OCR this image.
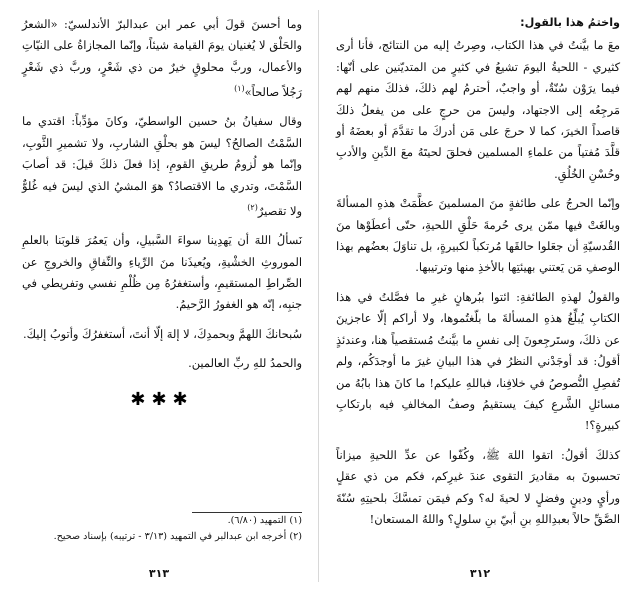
وما أحسنَ قولَ أبي عمر ابن عبدالبرّ الأندلسيّ: «الشعرُ والحَلْق لا يُغنيان يومَ القيامة شيئاً، وإنّما المجازاةُ على النيّاتِ والأعمال، وربَّ محلوقٍ خيرٌ من ذي شَعْرٍ، وربَّ ذي شَعْرٍ رَجُلاً صالحاً»$^{(١)}$

وقال سفيانُ بنُ حسين الواسطيّ، وكانَ مؤدِّباً: اقتدي ما السَّمْتُ الصالحُ؟ ليسَ هو بحلْقِ الشاربِ، ولا تشميرِ الثَّوبِ، وإنّما هو لُزومُ طريقِ القومِ، إذا فعلَ ذلكَ قيلَ: قد أصابَ السَّمْتَ، وتدري ما الاقتصادُ؟ هوَ المشيُ الذي ليسَ فيه غُلوٌّ ولا تقصيرٌ$^{(٢)}$

نَسألُ اللهَ أن يَهدِينا سواءَ السَّبيلِ، وأن يَعمُرَ قلوبَنا بالعلمِ الموروثِ الخشْيةِ، ويُعيذَنا منَ الرِّياءِ والنِّفاقِ والخروجِ عن الصِّراطِ المستقيمِ، وأستغفرُهُ مِن ظُلْمِ نفسي وتفريطي في جنبِه، إنّه هو الغفورُ الرَّحيمُ.

سُبحانكَ اللهمَّ وبحمدِكَ، لا إلهَ إلّا أنتَ، أستغفرُكَ وأتوبُ إليكَ.

والحمدُ للهِ ربِّ العالمين.

✱✱✱

(١) التمهيد (٦/٨٠).

(٢) أخرجه ابن عبدالبر في التمهيد (٣/١٣ - ترتيبه) بإسناد صحيح.

٣١٣
واختمُ هذا بالقول:

معَ ما بيَّنتُ في هذا الكتاب، وصِرتُ إليه من النتائج، فأنا أرى كثيري - اللحيةُ اليومَ تشيعُ في كثيرٍ من المتديّنين على أنّها: فيما يرَوْن سُنّةٌ، أو واجبٌ، أحترمُ لهم ذلكَ، فذلكَ منهم لهم مَرجِعُه إلى الاجتهاد، وليسَ من حرجٍ على من يفعلُ ذلكَ قاصداً الخيرَ، كما لا حرجَ على مَن أدركَ ما تقدَّمَ أو بعضَهُ أو قلَّدَ مُفتياً من علماءِ المسلمين فحلقَ لحيتَهُ معَ الدِّينِ والأدبِ وحُسْنِ الخُلُقِ.

وإنّما الحرجُ على طائفةٍ منَ المسلمينَ عظَّمَتْ هذهِ المسألةَ وبالغَتْ فيها ممّن يرى حُرمةَ حَلْقِ اللحيةِ، حتّى أعطَوْها منَ القُدسيّةِ أن جعَلوا حالقَها مُرتكباً لكبيرةٍ، بل تناوَلَ بعضُهم بهذا الوصفِ مَن يَعتني بهيئتِها بالأخذِ منها وترتيبها.

والقولُ لهذهِ الطائفةِ: ائتوا ببُرهانٍ غيرِ ما فصَّلتُ في هذا الكتابِ يُبلِّغُ هذهِ المسألةَ ما بلّغتُموها، ولا أراكم إلّا عاجزينَ عن ذلكَ، وستَرجِعونَ إلى نفسِ ما بيَّنتُ مُستقصياً هنا، وعندئذٍ أقولُ: قد أوجَدْني النظرُ في هذا البيانِ غيرَ ما أوجدَكُم، ولم تُفصِلِ النُّصوصُ في خلافِنا، فباللهِ عليكم! ما كانَ هذا بابُهُ من مسائلِ الشَّرعِ كيفَ يستقيمُ وصفُ المخالفِ فيه بارتكابِ كبيرةٍ؟!

كذلكَ أقولُ: اتقوا اللهَ ﷺ، وكُفّوا عن عدِّ اللحيةِ ميزاناً تحسبونَ به مقاديرَ التقوى عندَ غيرِكم، فكم من ذي عقلٍ ورأيٍ ودينٍ وفضلٍ لا لحيةَ له؟ وكم فيمَن تمسَّكَ بلحيتِهِ سُنّةَ الصَّقِّ حالاً بعبدِاللهِ بنِ أبيّ بنِ سلولٍ؟ واللهُ المستعان!

٣١٢
